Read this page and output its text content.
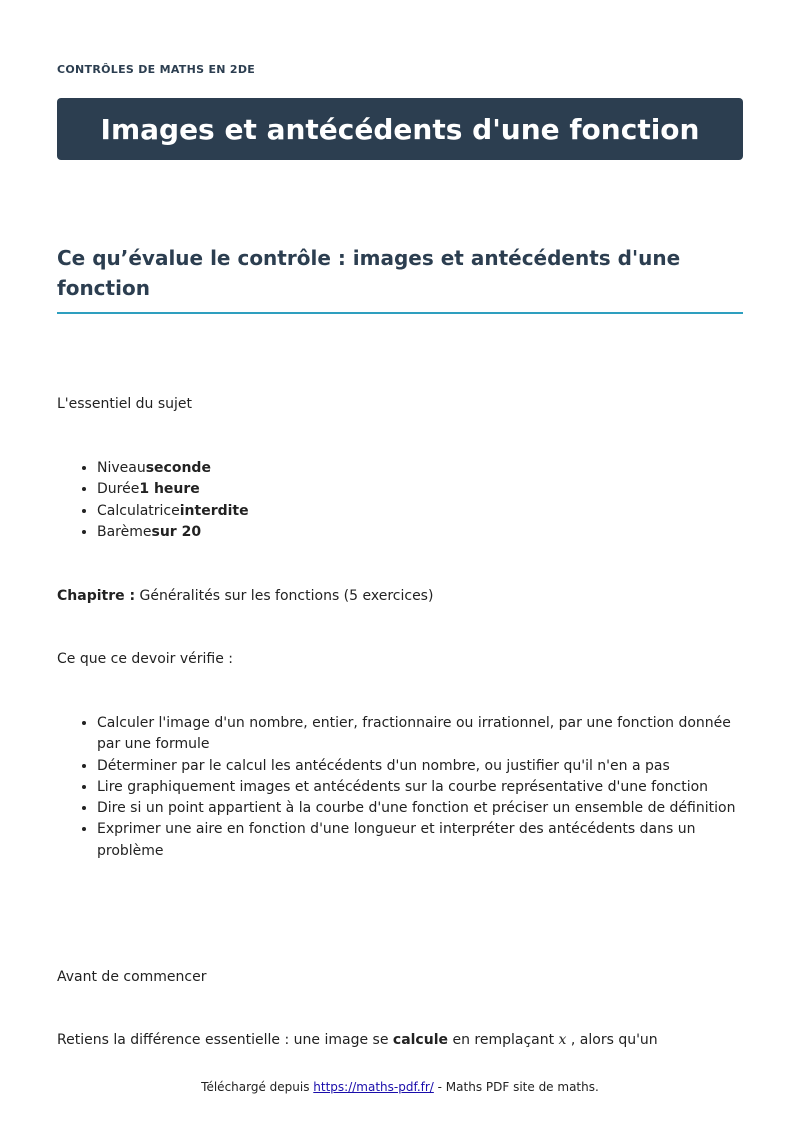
CONTRÔLES DE MATHS EN 2DE
Images et antécédents d'une fonction
Ce qu’évalue le contrôle : images et antécédents d'une fonction

L'essentiel du sujet

• Niveauseconde
• Durée1 heure
• Calculatriceinterdite
• Barèmesur 20

Chapitre : Généralités sur les fonctions (5 exercices)

Ce que ce devoir vérifie :

• Calculer l'image d'un nombre, entier, fractionnaire ou irrationnel, par une fonction donnée par une formule
• Déterminer par le calcul les antécédents d'un nombre, ou justifier qu'il n'en a pas
• Lire graphiquement images et antécédents sur la courbe représentative d'une fonction
• Dire si un point appartient à la courbe d'une fonction et préciser un ensemble de définition
• Exprimer une aire en fonction d'une longueur et interpréter des antécédents dans un problème

Avant de commencer

Retiens la différence essentielle : une image se calcule en remplaçant x , alors qu'un

Téléchargé depuis https://maths-pdf.fr/ - Maths PDF site de maths.
